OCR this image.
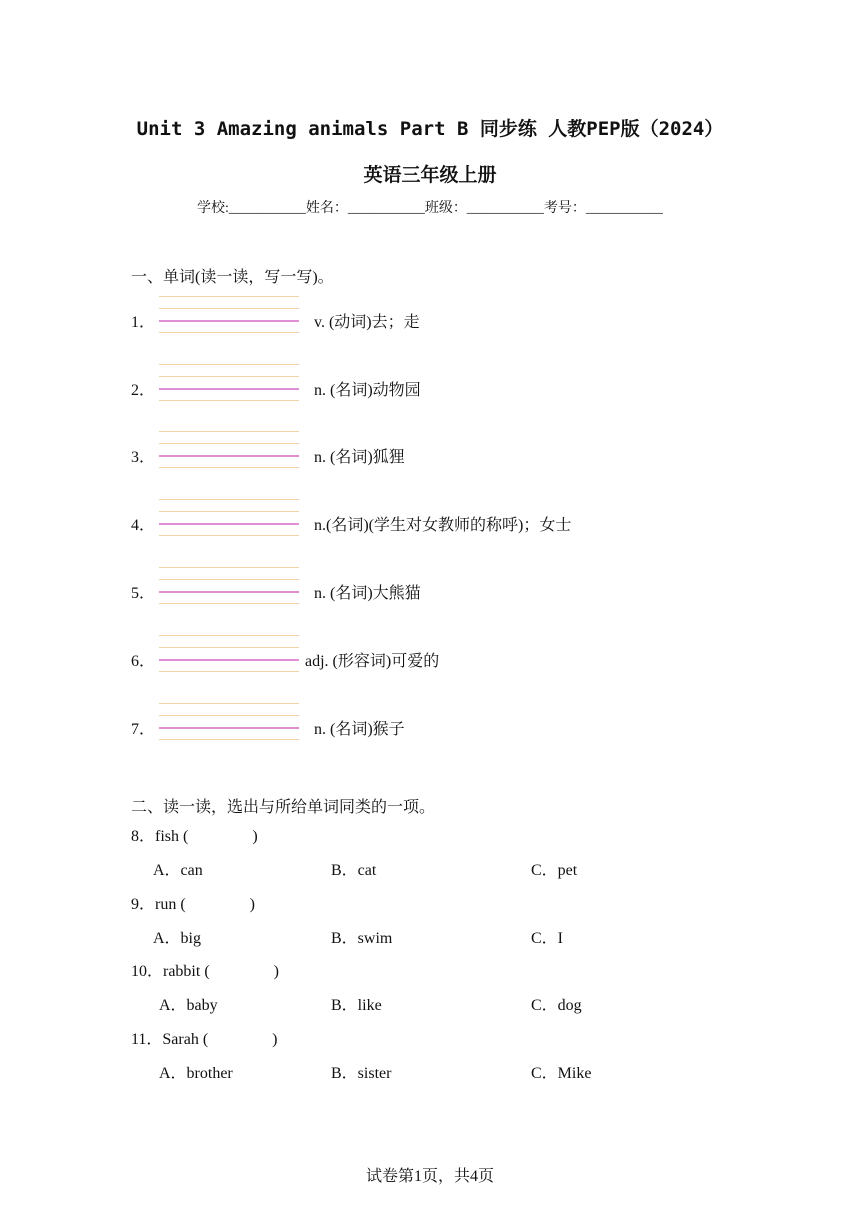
Unit 3 Amazing animals Part B 同步练 人教PEP版（2024）
英语三年级上册
学校:___________姓名：___________班级：___________考号：___________
一、单词(读一读，写一写)。
1．	v. (动词)去；走
2．	n. (名词)动物园
3．	n. (名词)狐狸
4．	n.(名词)(学生对女教师的称呼)；女士
5．	n. (名词)大熊猫
6．	adj. (形容词)可爱的
7．	n. (名词)猴子
二、读一读，选出与所给单词同类的一项。
8．fish (　　　　)
A．can	B．cat	C．pet
9．run (　　　　)
A．big	B．swim	C．I
10．rabbit (　　　　)
A．baby	B．like	C．dog
11．Sarah (　　　　)
A．brother	B．sister	C．Mike
试卷第1页，共4页
